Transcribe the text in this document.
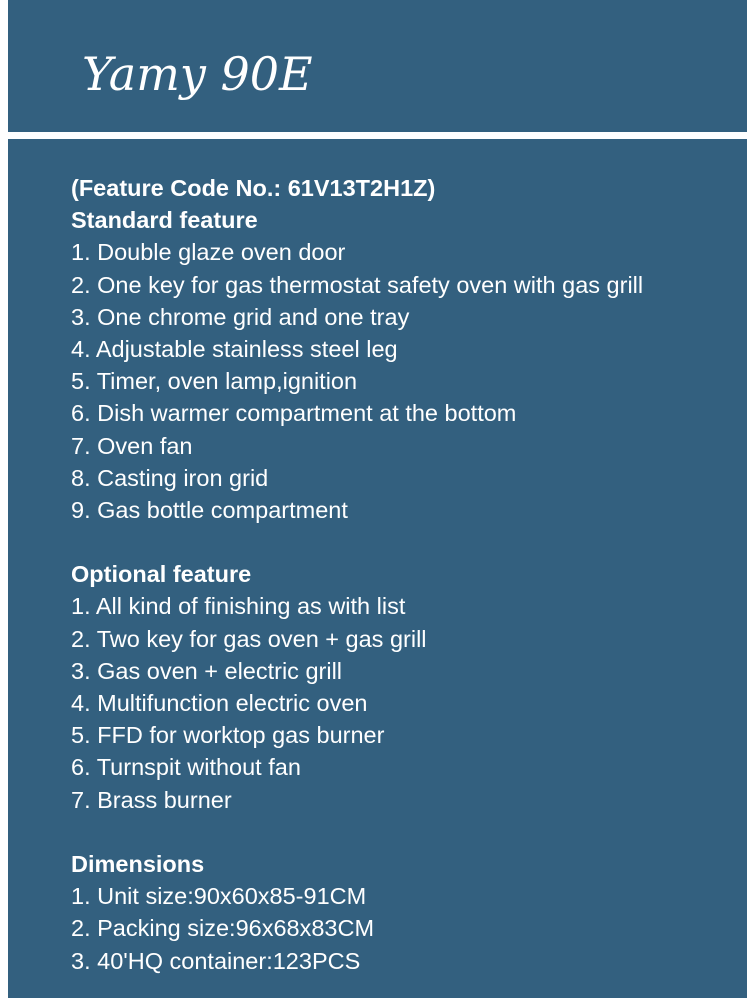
Yamy 90E
(Feature Code No.: 61V13T2H1Z)
Standard feature
1. Double glaze oven door
2. One key for gas thermostat safety oven with gas grill
3. One chrome grid and one tray
4. Adjustable stainless steel leg
5. Timer, oven lamp,ignition
6. Dish warmer compartment at the bottom
7. Oven fan
8. Casting iron grid
9. Gas bottle compartment
Optional feature
1. All kind of finishing as with list
2. Two key for gas oven + gas grill
3. Gas oven + electric grill
4. Multifunction electric oven
5. FFD for worktop gas burner
6. Turnspit without fan
7. Brass burner
Dimensions
1. Unit size:90x60x85-91CM
2. Packing size:96x68x83CM
3. 40'HQ container:123PCS
